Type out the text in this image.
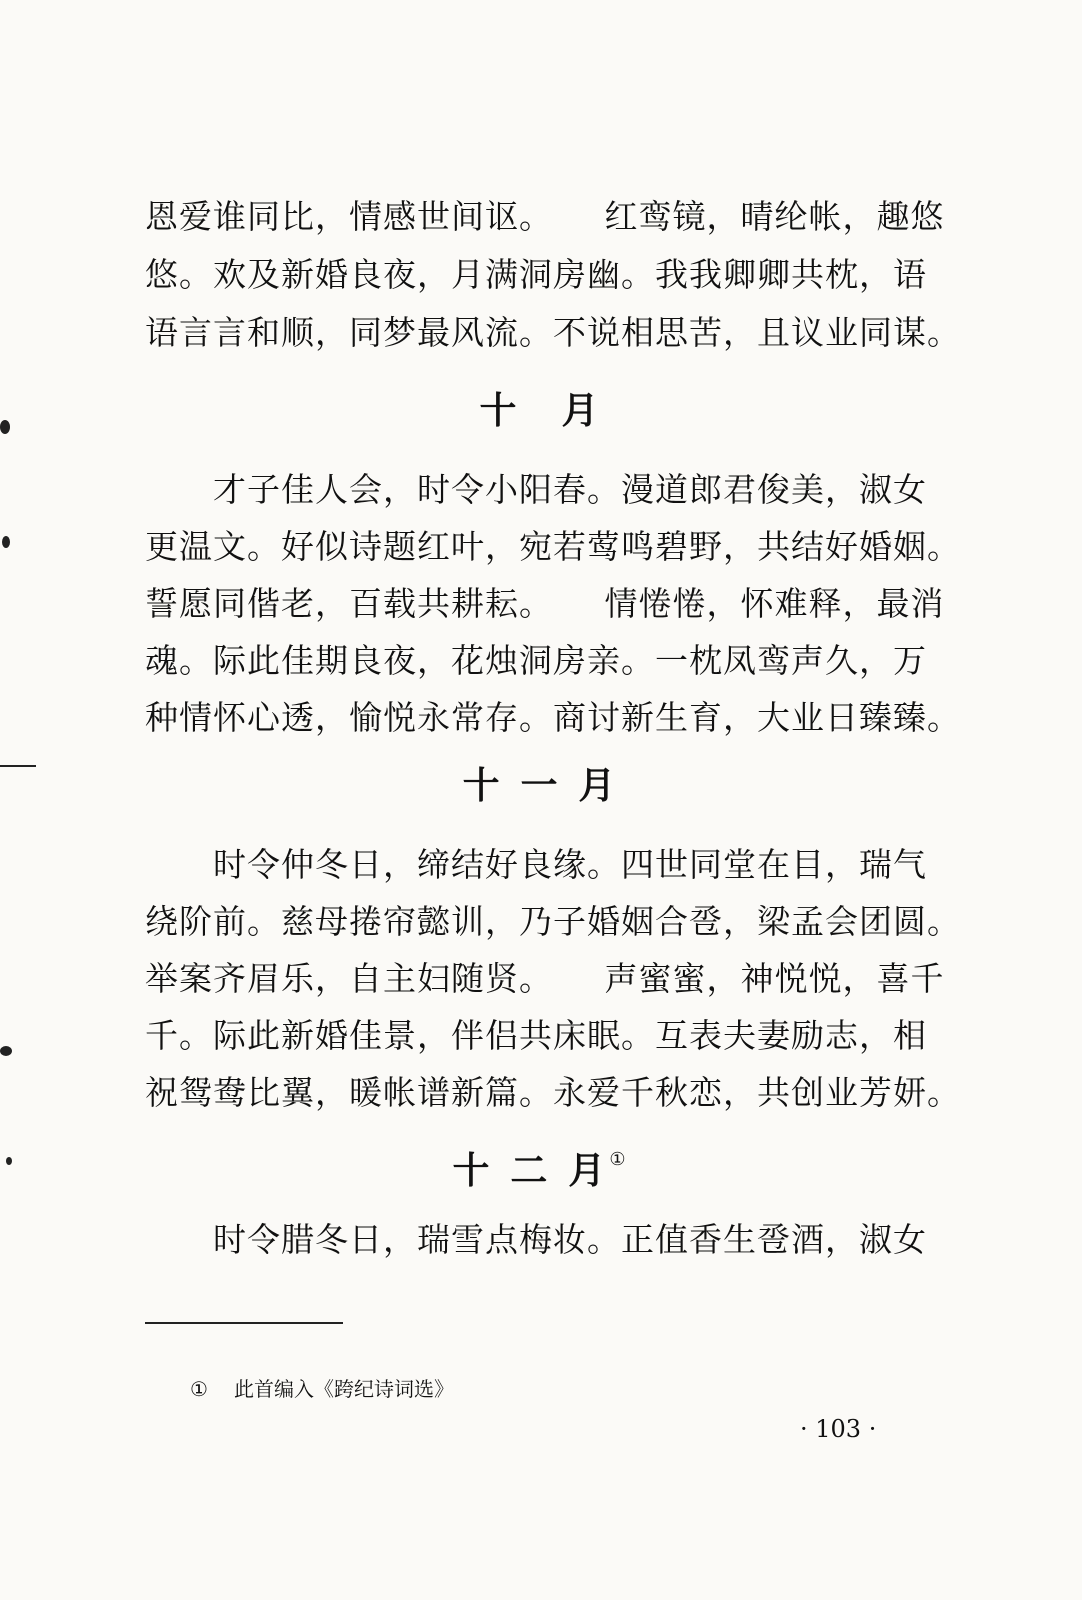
恩爱谁同比，情感世间讴。　　红鸾镜，晴纶帐，趣悠
悠。欢及新婚良夜，月满洞房幽。我我卿卿共枕，语
语言言和顺，同梦最风流。不说相思苦，且议业同谋。
十　月
　　才子佳人会，时令小阳春。漫道郎君俊美，淑女
更温文。好似诗题红叶，宛若莺鸣碧野，共结好婚姻。
誓愿同偕老，百载共耕耘。　　情惓惓，怀难释，最消
魂。际此佳期良夜，花烛洞房亲。一枕凤鸾声久，万
种情怀心透，愉悦永常存。商讨新生育，大业日臻臻。
十 一 月
　　时令仲冬日，缔结好良缘。四世同堂在目，瑞气
绕阶前。慈母捲帘懿训，乃子婚姻合卺，梁孟会团圆。
举案齐眉乐，自主妇随贤。　　声蜜蜜，神悦悦，喜千
千。际此新婚佳景，伴侣共床眠。互表夫妻励志，相
祝鸳鸯比翼，暖帐谱新篇。永爱千秋恋，共创业芳妍。
十 二 月①
　　时令腊冬日，瑞雪点梅妆。正值香生卺酒，淑女
① 此首编入《跨纪诗词选》
· 103 ·
